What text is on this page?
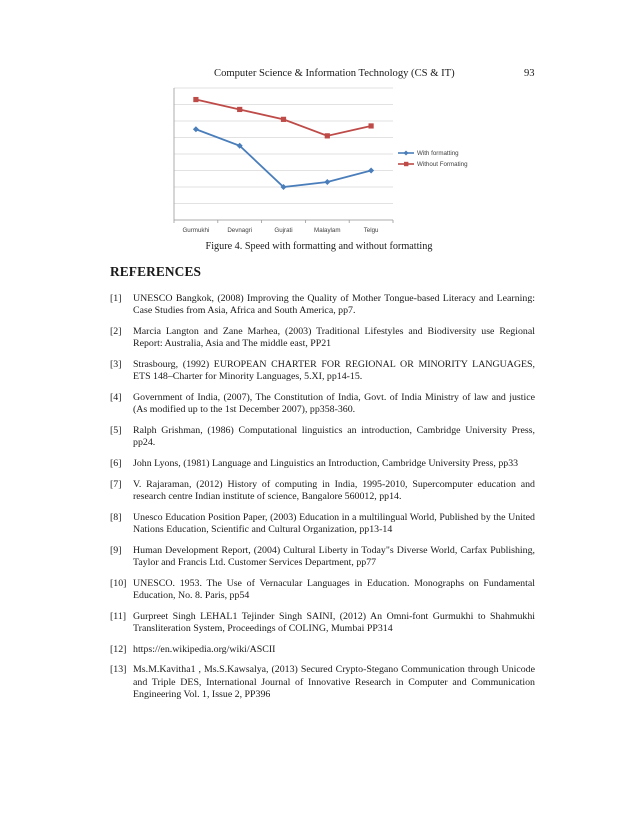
Computer Science & Information Technology (CS & IT)	93
Gurmukhi	Devnagri	Gujrati	Malaylam	Telgu
With formatting
Without Formating
Figure 4. Speed with formatting and without formatting
REFERENCES
[1] UNESCO Bangkok, (2008) Improving the Quality of Mother Tongue-based Literacy and Learning: Case Studies from Asia, Africa and South America, pp7.
[2] Marcia Langton and Zane Marhea, (2003) Traditional Lifestyles and Biodiversity use Regional Report: Australia, Asia and The middle east, PP21
[3] Strasbourg, (1992) EUROPEAN CHARTER FOR REGIONAL OR MINORITY LANGUAGES, ETS 148–Charter for Minority Languages, 5.XI, pp14-15.
[4] Government of India, (2007), The Constitution of India, Govt. of India Ministry of law and justice (As modified up to the 1st December 2007), pp358-360.
[5] Ralph Grishman, (1986) Computational linguistics an introduction, Cambridge University Press, pp24.
[6] John Lyons, (1981) Language and Linguistics an Introduction, Cambridge University Press, pp33
[7] V. Rajaraman, (2012) History of computing in India, 1995-2010, Supercomputer education and research centre Indian institute of science, Bangalore 560012, pp14.
[8] Unesco Education Position Paper, (2003) Education in a multilingual World, Published by the United Nations Education, Scientific and Cultural Organization, pp13-14
[9] Human Development Report, (2004) Cultural Liberty in Today"s Diverse World, Carfax Publishing, Taylor and Francis Ltd. Customer Services Department, pp77
[10] UNESCO. 1953. The Use of Vernacular Languages in Education. Monographs on Fundamental Education, No. 8. Paris, pp54
[11] Gurpreet Singh LEHAL1 Tejinder Singh SAINI, (2012) An Omni-font Gurmukhi to Shahmukhi Transliteration System, Proceedings of COLING, Mumbai PP314
[12] https://en.wikipedia.org/wiki/ASCII
[13] Ms.M.Kavitha1 , Ms.S.Kawsalya, (2013) Secured Crypto-Stegano Communication through Unicode and Triple DES, International Journal of Innovative Research in Computer and Communication Engineering Vol. 1, Issue 2, PP396
